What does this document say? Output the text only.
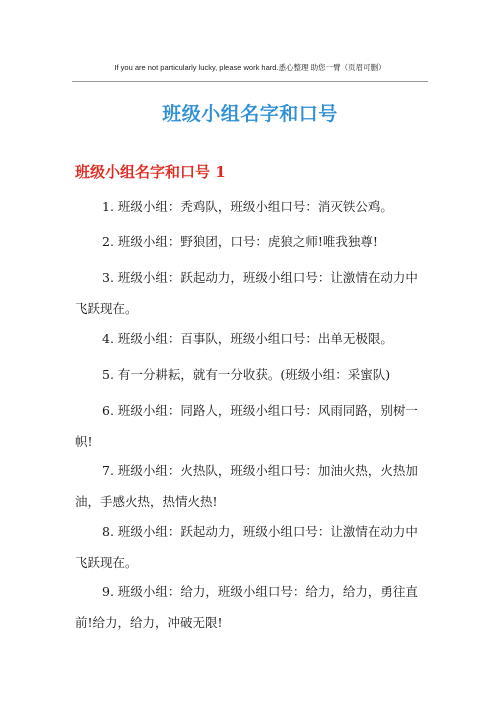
If you are not particularly lucky, please work hard.悉心整理 助您一臂（页眉可删）
班级小组名字和口号
班级小组名字和口号 1
1. 班级小组：秃鸡队，班级小组口号：消灭铁公鸡。
2. 班级小组：野狼团，口号：虎狼之师!唯我独尊!
3. 班级小组：跃起动力，班级小组口号：让激情在动力中飞跃现在。
4. 班级小组：百事队，班级小组口号：出单无极限。
5. 有一分耕耘，就有一分收获。(班级小组：采蜜队)
6. 班级小组：同路人，班级小组口号：风雨同路，别树一帜!
7. 班级小组：火热队，班级小组口号：加油火热，火热加油，手感火热，热情火热!
8. 班级小组：跃起动力，班级小组口号：让激情在动力中飞跃现在。
9. 班级小组：给力，班级小组口号：给力，给力，勇往直前!给力，给力，冲破无限!
